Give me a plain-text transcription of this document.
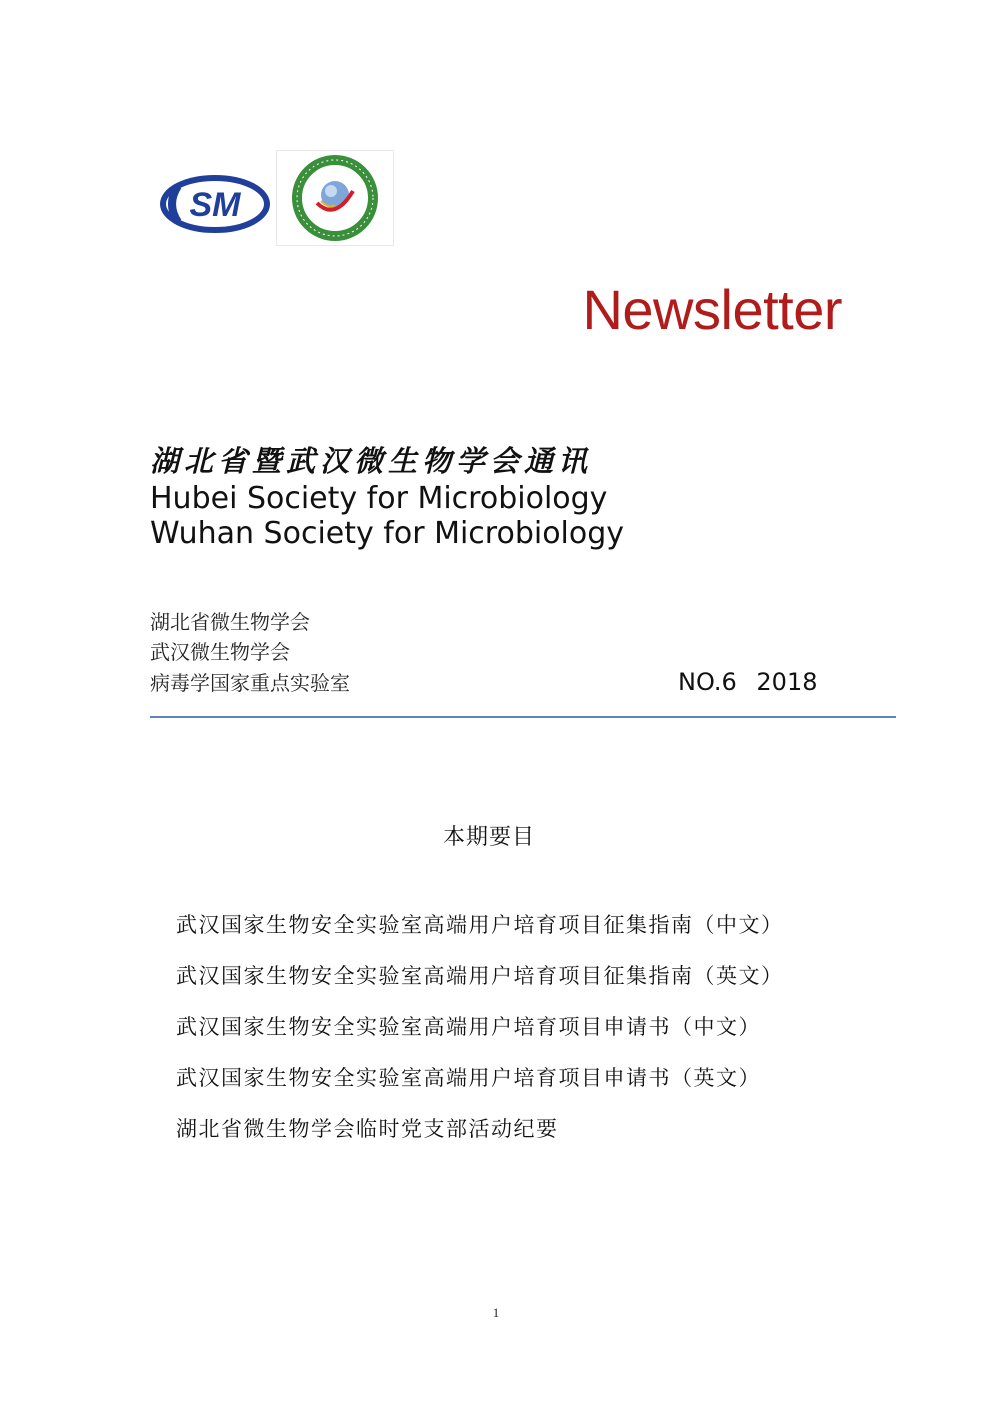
SM
Newsletter
湖北省暨武汉微生物学会通讯
Hubei Society for Microbiology
Wuhan Society for Microbiology
湖北省微生物学会
武汉微生物学会
病毒学国家重点实验室	NO.6 2018
本期要目
武汉国家生物安全实验室高端用户培育项目征集指南（中文）
武汉国家生物安全实验室高端用户培育项目征集指南（英文）
武汉国家生物安全实验室高端用户培育项目申请书（中文）
武汉国家生物安全实验室高端用户培育项目申请书（英文）
湖北省微生物学会临时党支部活动纪要
1
